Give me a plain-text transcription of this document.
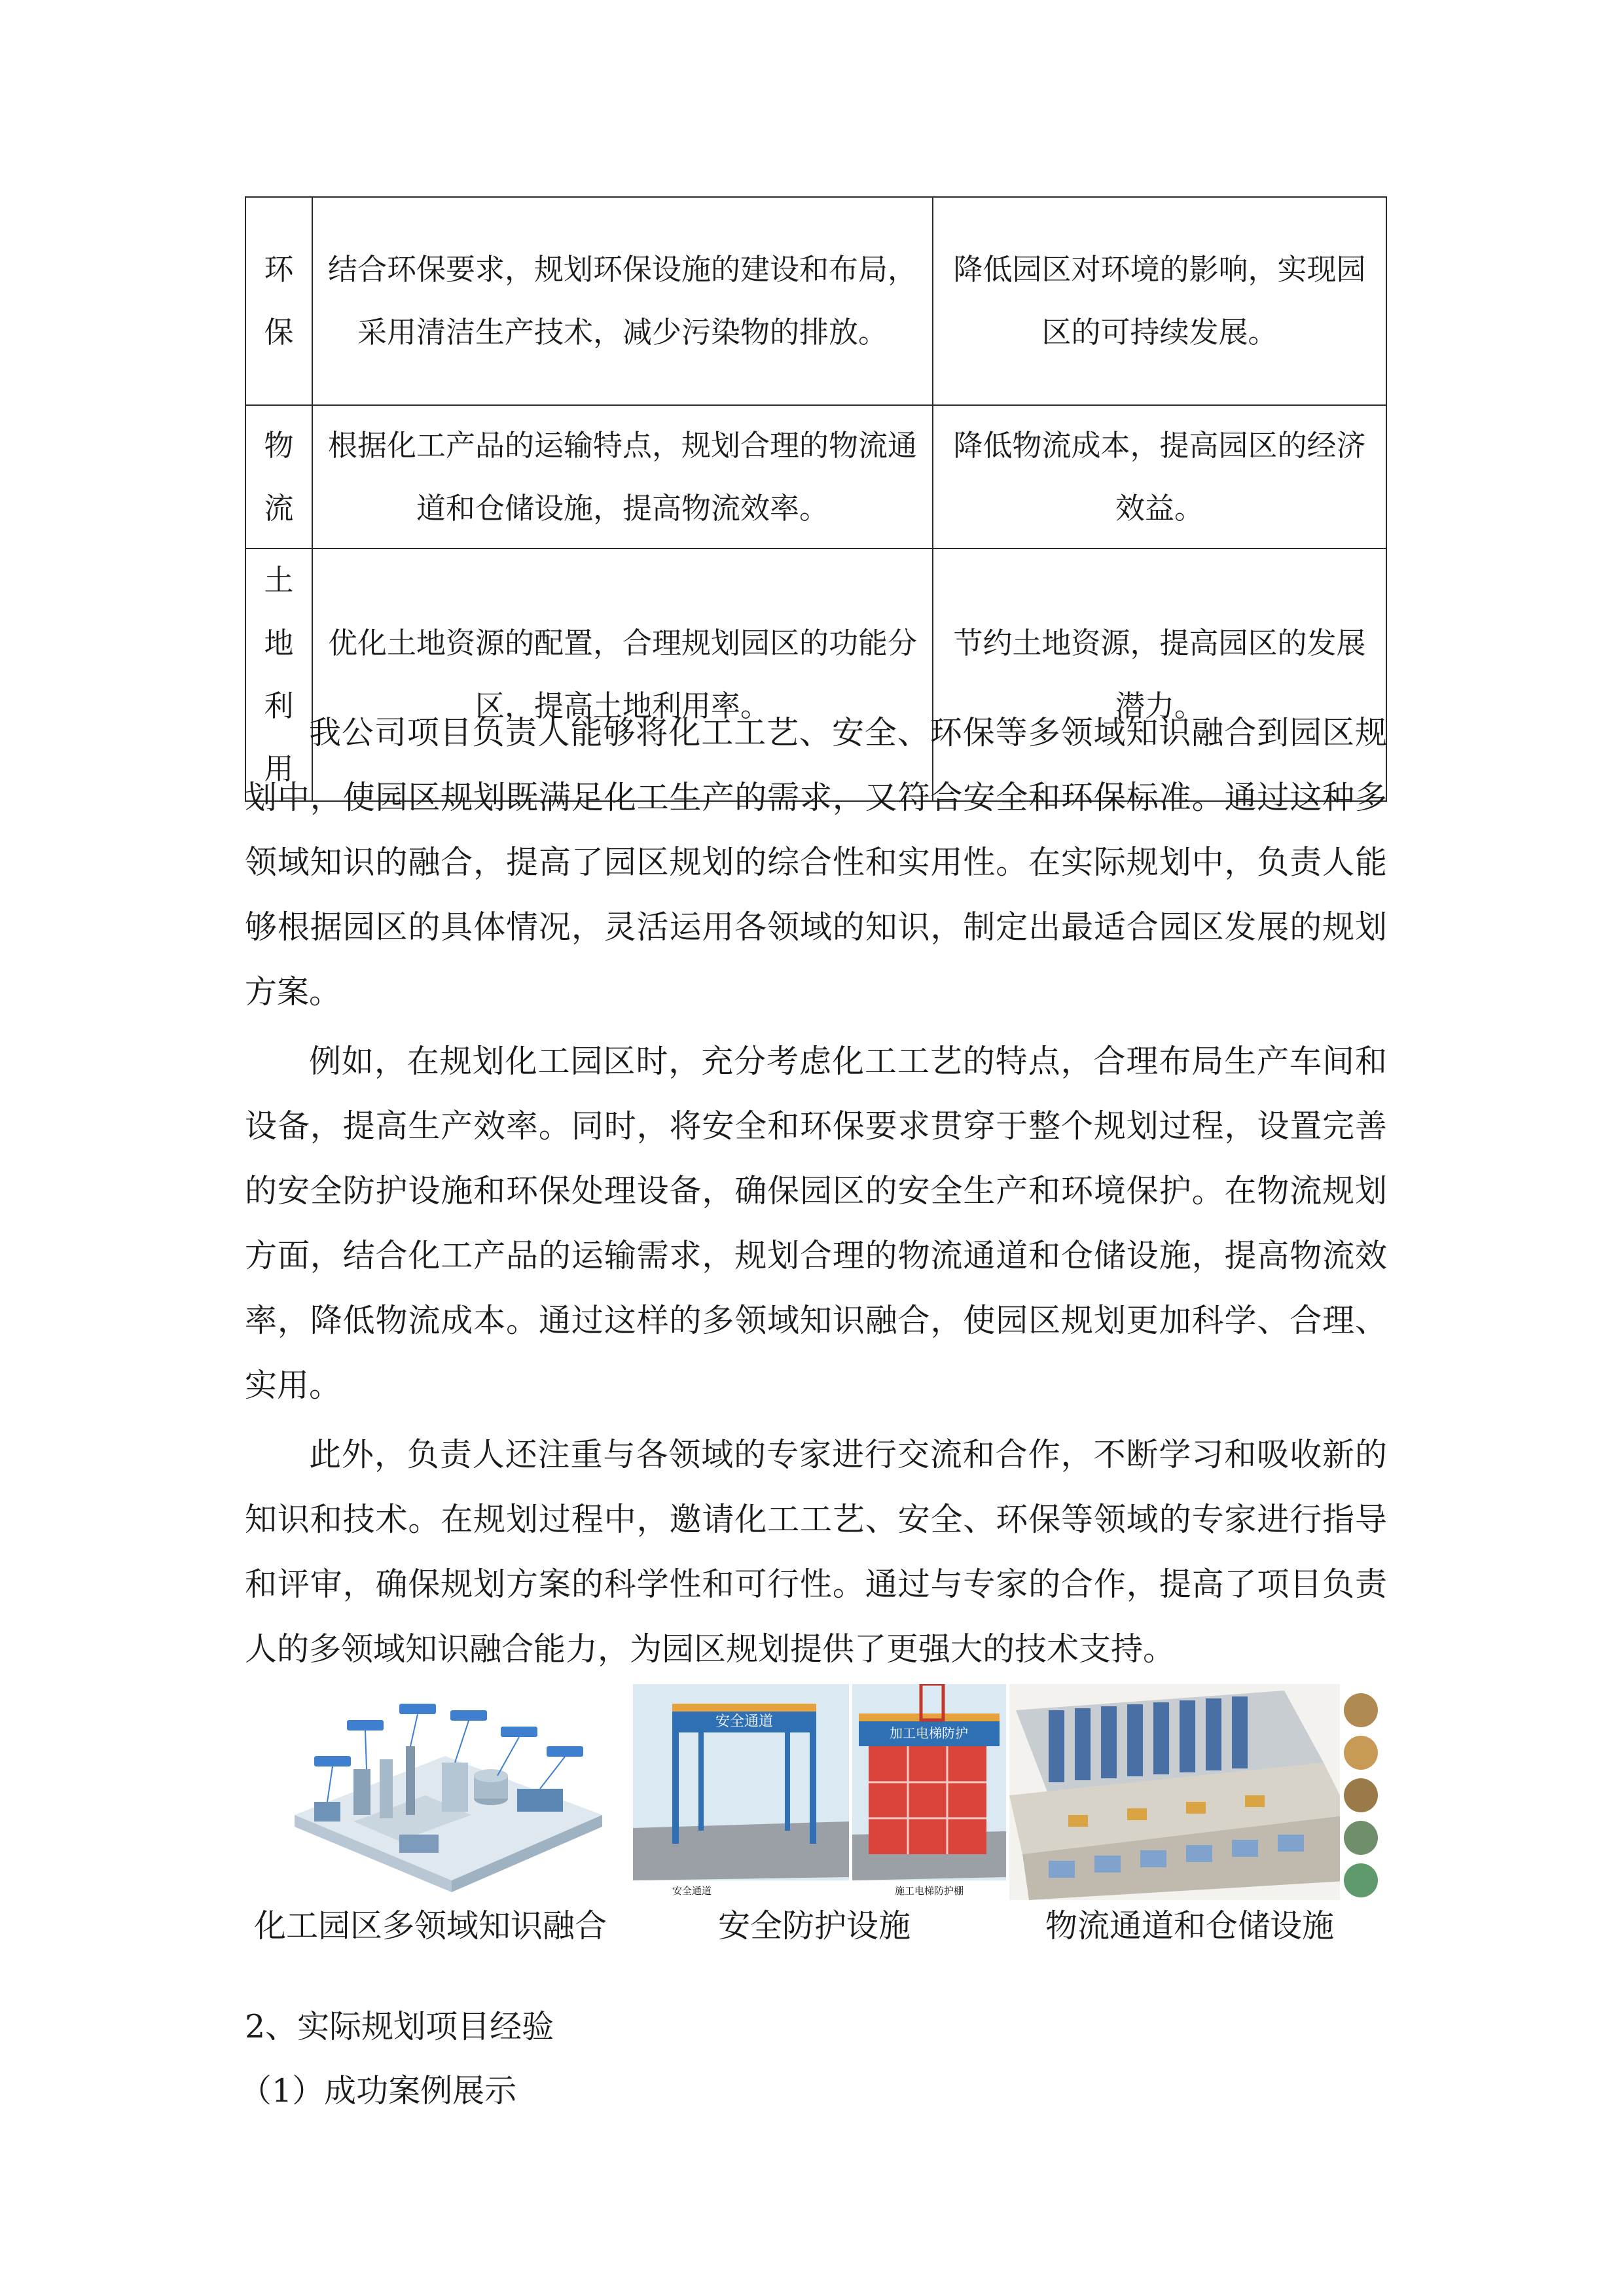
环保	结合环保要求，规划环保设施的建设和布局，采用清洁生产技术，减少污染物的排放。	降低园区对环境的影响，实现园区的可持续发展。
物流	根据化工产品的运输特点，规划合理的物流通道和仓储设施，提高物流效率。	降低物流成本，提高园区的经济效益。
土地利用	优化土地资源的配置，合理规划园区的功能分区，提高土地利用率。	节约土地资源，提高园区的发展潜力。

我公司项目负责人能够将化工工艺、安全、环保等多领域知识融合到园区规划中，使园区规划既满足化工生产的需求，又符合安全和环保标准。通过这种多领域知识的融合，提高了园区规划的综合性和实用性。在实际规划中，负责人能够根据园区的具体情况，灵活运用各领域的知识，制定出最适合园区发展的规划方案。

例如，在规划化工园区时，充分考虑化工工艺的特点，合理布局生产车间和设备，提高生产效率。同时，将安全和环保要求贯穿于整个规划过程，设置完善的安全防护设施和环保处理设备，确保园区的安全生产和环境保护。在物流规划方面，结合化工产品的运输需求，规划合理的物流通道和仓储设施，提高物流效率，降低物流成本。通过这样的多领域知识融合，使园区规划更加科学、合理、实用。

此外，负责人还注重与各领域的专家进行交流和合作，不断学习和吸收新的知识和技术。在规划过程中，邀请化工工艺、安全、环保等领域的专家进行指导和评审，确保规划方案的科学性和可行性。通过与专家的合作，提高了项目负责人的多领域知识融合能力，为园区规划提供了更强大的技术支持。

安全通道
安全通道
加工电梯防护
施工电梯防护棚
化工园区多领域知识融合	安全防护设施	物流通道和仓储设施
2、实际规划项目经验
（1）成功案例展示
